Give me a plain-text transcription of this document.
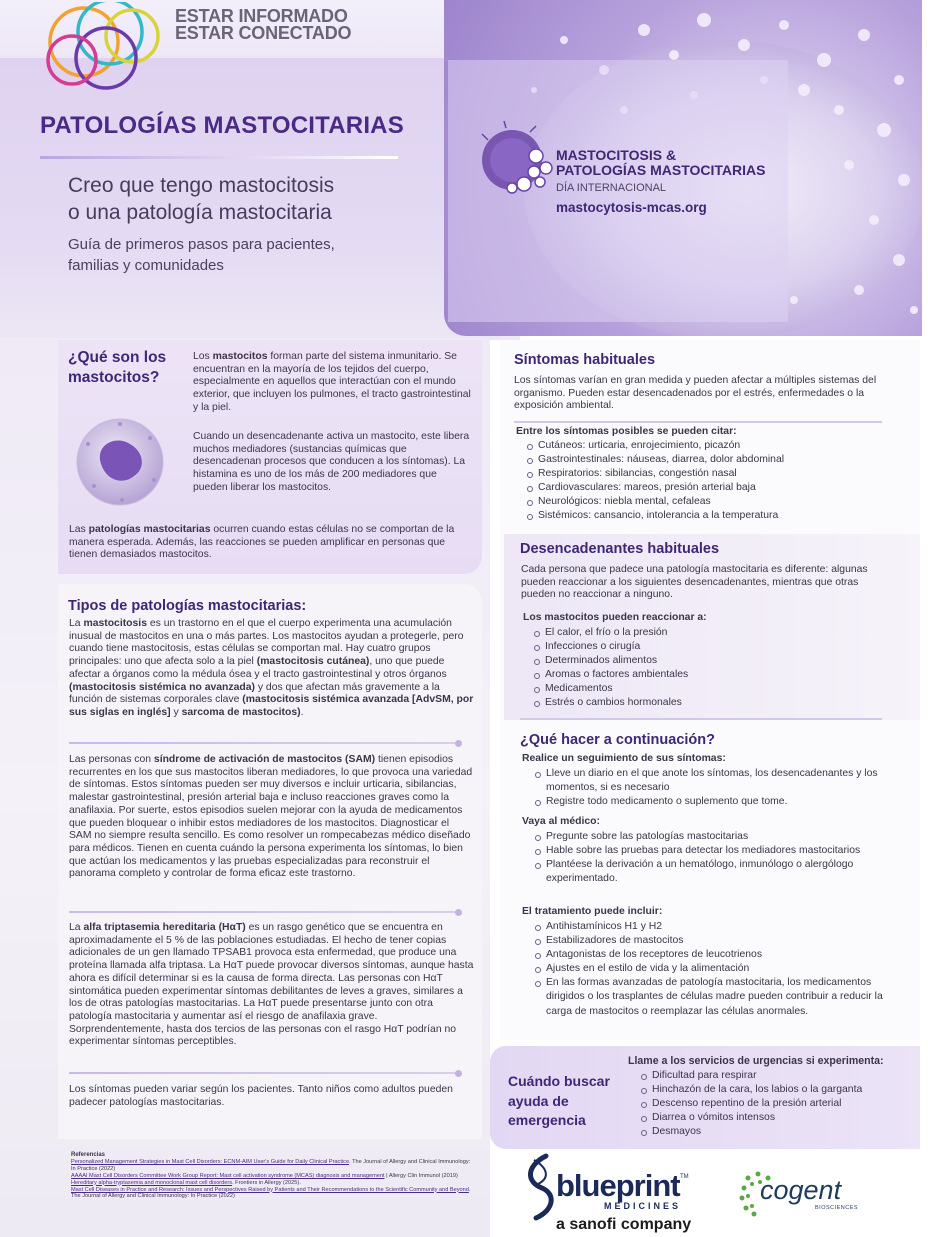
ESTAR INFORMADO
ESTAR CONECTADO
PATOLOGÍAS MASTOCITARIAS
Creo que tengo mastocitosis
o una patología mastocitaria
Guía de primeros pasos para pacientes,
familias y comunidades
MASTOCITOSIS &
PATOLOGÍAS MASTOCITARIAS
DÍA INTERNACIONAL
mastocytosis-mcas.org
¿Qué son los mastocitos?
Los mastocitos forman parte del sistema inmunitario. Se encuentran en la mayoría de los tejidos del cuerpo, especialmente en aquellos que interactúan con el mundo exterior, que incluyen los pulmones, el tracto gastrointestinal y la piel.
Cuando un desencadenante activa un mastocito, este libera muchos mediadores (sustancias químicas que desencadenan procesos que conducen a los síntomas). La histamina es uno de los más de 200 mediadores que pueden liberar los mastocitos.
Las patologías mastocitarias ocurren cuando estas células no se comportan de la manera esperada. Además, las reacciones se pueden amplificar en personas que tienen demasiados mastocitos.
Tipos de patologías mastocitarias:
La mastocitosis es un trastorno en el que el cuerpo experimenta una acumulación inusual de mastocitos en una o más partes. Los mastocitos ayudan a protegerle, pero cuando tiene mastocitosis, estas células se comportan mal. Hay cuatro grupos principales: uno que afecta solo a la piel (mastocitosis cutánea), uno que puede afectar a órganos como la médula ósea y el tracto gastrointestinal y otros órganos (mastocitosis sistémica no avanzada) y dos que afectan más gravemente a la función de sistemas corporales clave (mastocitosis sistémica avanzada [AdvSM, por sus siglas en inglés] y sarcoma de mastocitos).
Las personas con síndrome de activación de mastocitos (SAM) tienen episodios recurrentes en los que sus mastocitos liberan mediadores, lo que provoca una variedad de síntomas. Estos síntomas pueden ser muy diversos e incluir urticaria, sibilancias, malestar gastrointestinal, presión arterial baja e incluso reacciones graves como la anafilaxia. Por suerte, estos episodios suelen mejorar con la ayuda de medicamentos que pueden bloquear o inhibir estos mediadores de los mastocitos. Diagnosticar el SAM no siempre resulta sencillo. Es como resolver un rompecabezas médico diseñado para médicos. Tienen en cuenta cuándo la persona experimenta los síntomas, lo bien que actúan los medicamentos y las pruebas especializadas para reconstruir el panorama completo y controlar de forma eficaz este trastorno.
La alfa triptasemia hereditaria (HαT) es un rasgo genético que se encuentra en aproximadamente el 5 % de las poblaciones estudiadas. El hecho de tener copias adicionales de un gen llamado TPSAB1 provoca esta enfermedad, que produce una proteína llamada alfa triptasa. La HαT puede provocar diversos síntomas, aunque hasta ahora es difícil determinar si es la causa de forma directa. Las personas con HαT sintomática pueden experimentar síntomas debilitantes de leves a graves, similares a los de otras patologías mastocitarias. La HαT puede presentarse junto con otra patología mastocitaria y aumentar así el riesgo de anafilaxia grave. Sorprendentemente, hasta dos tercios de las personas con el rasgo HαT podrían no experimentar síntomas perceptibles.
Los síntomas pueden variar según los pacientes. Tanto niños como adultos pueden padecer patologías mastocitarias.
Referencias
Personalized Management Strategies in Mast Cell Disorders: ECNM-AIM User's Guide for Daily Clinical Practice. The Journal of Allergy and Clinical Immunology: In Practice (2022)
AAAAI Mast Cell Disorders Committee Work Group Report: Mast cell activation syndrome (MCAS) diagnosis and management | Allergy Clin Immunol (2019)
Hereditary alpha-tryptasemia and monoclonal mast cell disorders. Frontiers in Allergy (2025).
Mast Cell Diseases in Practice and Research: Issues and Perspectives Raised by Patients and Their Recommendations to the Scientific Community and Beyond. The Journal of Allergy and Clinical Immunology: In Practice (2022)
Síntomas habituales
Los síntomas varían en gran medida y pueden afectar a múltiples sistemas del organismo. Pueden estar desencadenados por el estrés, enfermedades o la exposición ambiental.
Entre los síntomas posibles se pueden citar:
Cutáneos: urticaria, enrojecimiento, picazón
Gastrointestinales: náuseas, diarrea, dolor abdominal
Respiratorios: sibilancias, congestión nasal
Cardiovasculares: mareos, presión arterial baja
Neurológicos: niebla mental, cefaleas
Sistémicos: cansancio, intolerancia a la temperatura
Desencadenantes habituales
Cada persona que padece una patología mastocitaria es diferente: algunas pueden reaccionar a los siguientes desencadenantes, mientras que otras pueden no reaccionar a ninguno.
Los mastocitos pueden reaccionar a:
El calor, el frío o la presión
Infecciones o cirugía
Determinados alimentos
Aromas o factores ambientales
Medicamentos
Estrés o cambios hormonales
¿Qué hacer a continuación?
Realice un seguimiento de sus síntomas:
Lleve un diario en el que anote los síntomas, los desencadenantes y los momentos, si es necesario
Registre todo medicamento o suplemento que tome.
Vaya al médico:
Pregunte sobre las patologías mastocitarias
Hable sobre las pruebas para detectar los mediadores mastocitarios
Plantéese la derivación a un hematólogo, inmunólogo o alergólogo experimentado.
El tratamiento puede incluir:
Antihistamínicos H1 y H2
Estabilizadores de mastocitos
Antagonistas de los receptores de leucotrienos
Ajustes en el estilo de vida y la alimentación
En las formas avanzadas de patología mastocitaria, los medicamentos dirigidos o los trasplantes de células madre pueden contribuir a reducir la carga de mastocitos o reemplazar las células anormales.
Cuándo buscar ayuda de emergencia
Llame a los servicios de urgencias si experimenta:
Dificultad para respirar
Hinchazón de la cara, los labios o la garganta
Descenso repentino de la presión arterial
Diarrea o vómitos intensos
Desmayos
blueprint TM
MEDICINES
a sanofi company
cogent
BIOSCIENCES
